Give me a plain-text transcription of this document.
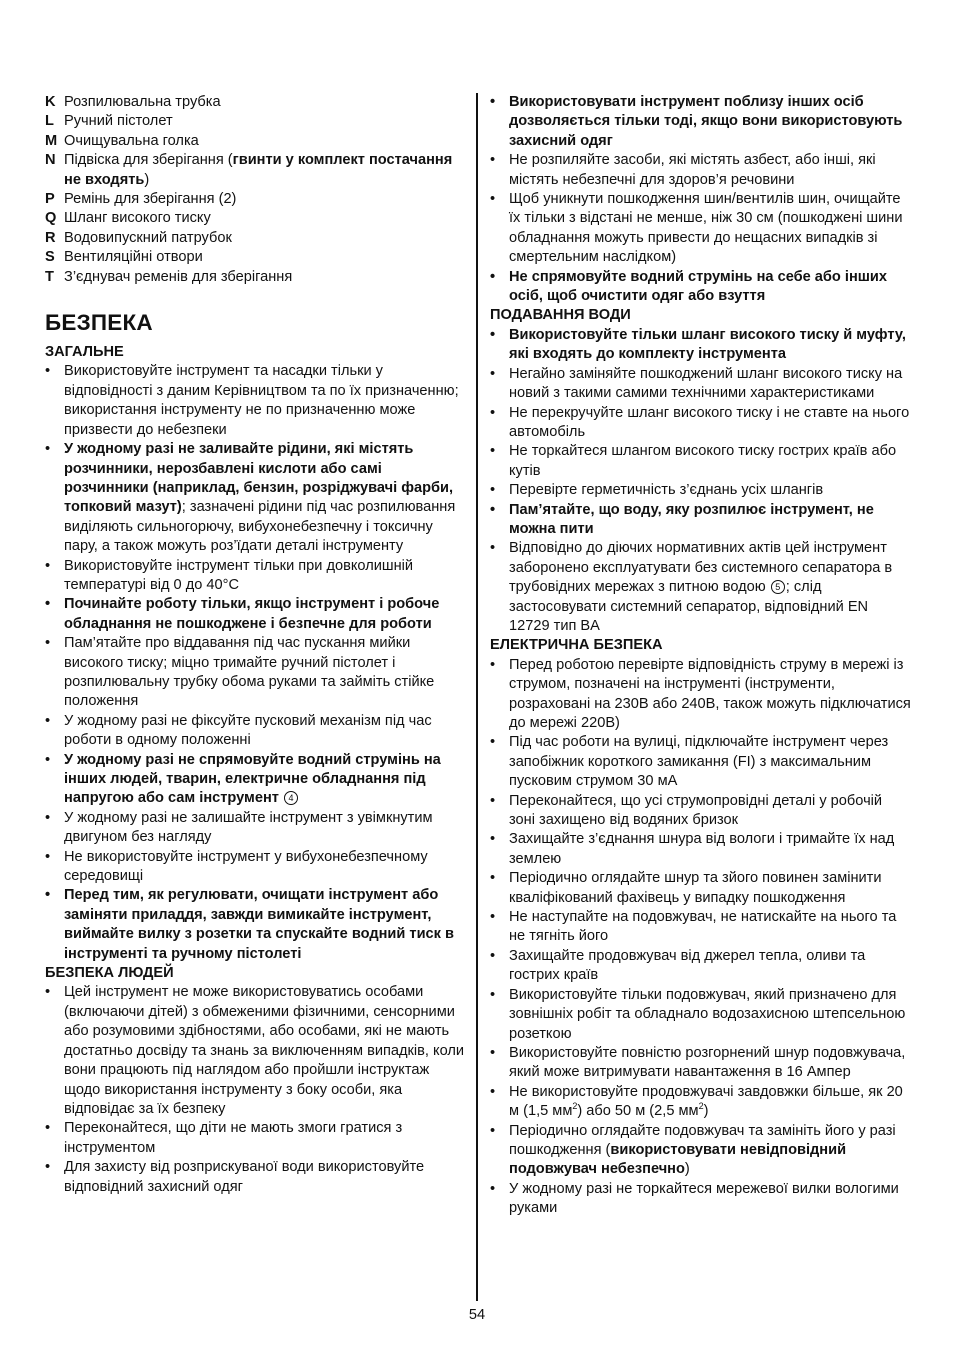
K Розпилювальна трубка
L Ручний пістолет
M Очищувальна голка
N Підвіска для зберігання (гвинти у комплект постачання не входять)
P Ремінь для зберігання (2)
Q Шланг високого тиску
R Водовипускний патрубок
S Вентиляційні отвори
T З’єднувач ременів для зберігання
БЕЗПЕКА
ЗАГАЛЬНЕ
• Використовуйте інструмент та насадки тільки у відповідності з даним Керівництвом та по їх призначенню; використання інструменту не по призначенню може призвести до небезпеки
• У жодному разі не заливайте рідини, які містять розчинники, нерозбавлені кислоти або самі розчинники (наприклад, бензин, розріджувачі фарби, топковий мазут); зазначені рідини під час розпилювання виділяють сильногорючу, вибухонебезпечну і токсичну пару, а також можуть роз’їдати деталі інструменту
• Використовуйте інструмент тільки при довколишній температурі від 0 до 40°C
• Починайте роботу тільки, якщо інструмент і робоче обладнання не пошкоджене і безпечне для роботи
• Пам’ятайте про віддавання під час пускання мийки високого тиску; міцно тримайте ручний пістолет і розпилювальну трубку обома руками та займіть стійке положення
• У жодному разі не фіксуйте пусковий механізм під час роботи в одному положенні
• У жодному разі не спрямовуйте водний струмінь на інших людей, тварин, електричне обладнання під напругою або сам інструмент 4
• У жодному разі не залишайте інструмент з увімкнутим двигуном без нагляду
• Не використовуйте інструмент у вибухонебезпечному середовищі
• Перед тим, як регулювати, очищати інструмент або заміняти приладдя, завжди вимикайте інструмент, виймайте вилку з розетки та спускайте водний тиск в інструменті та ручному пістолеті
БЕЗПЕКА ЛЮДЕЙ
• Цей інструмент не може використовуватись особами (включаючи дітей) з обмеженими фізичними, сенсорними або розумовими здібностями, або особами, які не мають достатньо досвіду та знань за виключенням випадків, коли вони працюють під наглядом або пройшли інструктаж щодо використання інструменту з боку особи, яка відповідає за їх безпеку
• Переконайтеся, що діти не мають змоги гратися з інструментом
• Для захисту від розприскуваної води використовуйте відповідний захисний одяг
• Використовувати інструмент поблизу інших осіб дозволяється тільки тоді, якщо вони використовують захисний одяг
• Не розпиляйте засоби, які містять азбест, або інші, які містять небезпечні для здоров’я речовини
• Щоб уникнути пошкодження шин/вентилів шин, очищайте їх тільки з відстані не менше, ніж 30 см (пошкоджені шини обладнання можуть привести до нещасних випадків зі смертельним наслідком)
• Не спрямовуйте водний струмінь на себе або інших осіб, щоб очистити одяг або взуття
ПОДАВАННЯ ВОДИ
• Використовуйте тільки шланг високого тиску й муфту, які входять до комплекту інструмента
• Негайно заміняйте пошкоджений шланг високого тиску на новий з такими самими технічними характеристиками
• Не перекручуйте шланг високого тиску і не ставте на нього автомобіль
• Не торкайтеся шлангом високого тиску гострих країв або кутів
• Перевірте герметичність з’єднань усіх шлангів
• Пам’ятайте, що воду, яку розпилює інструмент, не можна пити
• Відповідно до діючих нормативних актів цей інструмент заборонено експлуатувати без системного сепаратора в трубовідних мережах з питною водою 5 ; слід застосовувати системний сепаратор, відповідний EN 12729 тип BA
ЕЛЕКТРИЧНА БЕЗПЕКА
• Перед роботою перевірте відповідність струму в мережі із струмом, позначені на інструменті (інструменти, розраховані на 230В або 240В, також можуть підключатися до мережі 220В)
• Під час роботи на вулиці, підключайте інструмент через запобіжник короткого замикання (FI) з максимальним пусковим струмом 30 мА
• Переконайтеся, що усі струмопровідні деталі у робочій зоні захищено від водяних бризок
• Захищайте з’єднання шнура від вологи і тримайте їх над землею
• Періодично оглядайте шнур та зйого повинен замінити кваліфікований фахівець у випадку пошкодження
• Не наступайте на подовжувач, не натискайте на нього та не тягніть його
• Захищайте продовжувач від джерел тепла, оливи та гострих країв
• Використовуйте тільки подовжувач, який призначено для зовнішніх робіт та обладнало водозахисною штепсельною розеткою
• Використовуйте повністю розгорнений шнур подовжувача, який може витримувати навантаження в 16 Ампер
• Не використовуйте продовжувачі завдовжки більше, як 20 м (1,5 $мм^2$) або 50 м (2,5 $мм^2$)
• Періодично оглядайте подовжувач та замініть його у разі пошкодження (використовувати невідповідний подовжувач небезпечно)
• У жодному разі не торкайтеся мережевої вилки вологими руками
54
